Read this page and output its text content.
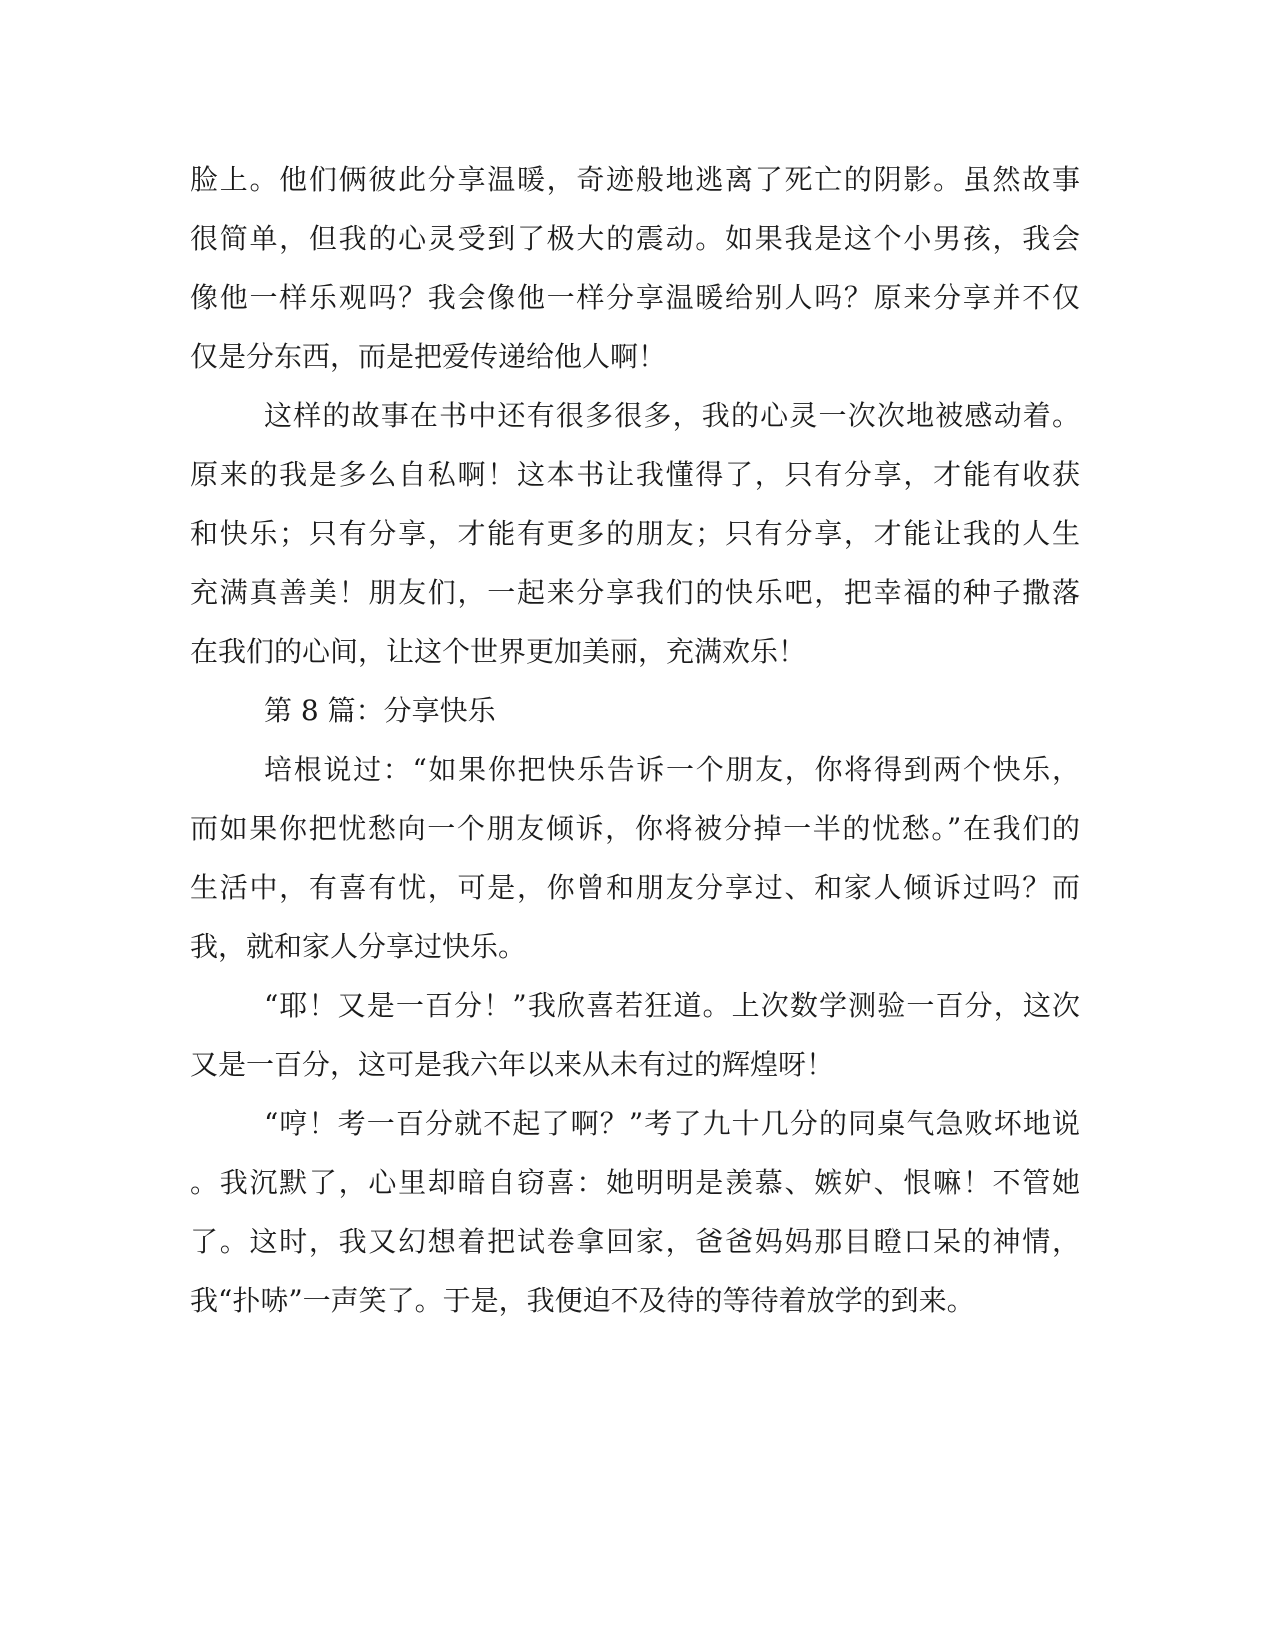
脸上。他们俩彼此分享温暖，奇迹般地逃离了死亡的阴影。虽然故事
很简单，但我的心灵受到了极大的震动。如果我是这个小男孩，我会
像他一样乐观吗？我会像他一样分享温暖给别人吗？原来分享并不仅
仅是分东西，而是把爱传递给他人啊！
这样的故事在书中还有很多很多，我的心灵一次次地被感动着。
原来的我是多么自私啊！这本书让我懂得了，只有分享，才能有收获
和快乐；只有分享，才能有更多的朋友；只有分享，才能让我的人生
充满真善美！朋友们，一起来分享我们的快乐吧，把幸福的种子撒落
在我们的心间，让这个世界更加美丽，充满欢乐！
第 8 篇：分享快乐
培根说过：“如果你把快乐告诉一个朋友，你将得到两个快乐，
而如果你把忧愁向一个朋友倾诉，你将被分掉一半的忧愁。”在我们的
生活中，有喜有忧，可是，你曾和朋友分享过、和家人倾诉过吗？而
我，就和家人分享过快乐。
“耶！又是一百分！”我欣喜若狂道。上次数学测验一百分，这次
又是一百分，这可是我六年以来从未有过的辉煌呀！
“哼！考一百分就不起了啊？”考了九十几分的同桌气急败坏地说
。我沉默了，心里却暗自窃喜：她明明是羡慕、嫉妒、恨嘛！不管她
了。这时，我又幻想着把试卷拿回家，爸爸妈妈那目瞪口呆的神情，
我“扑哧”一声笑了。于是，我便迫不及待的等待着放学的到来。
